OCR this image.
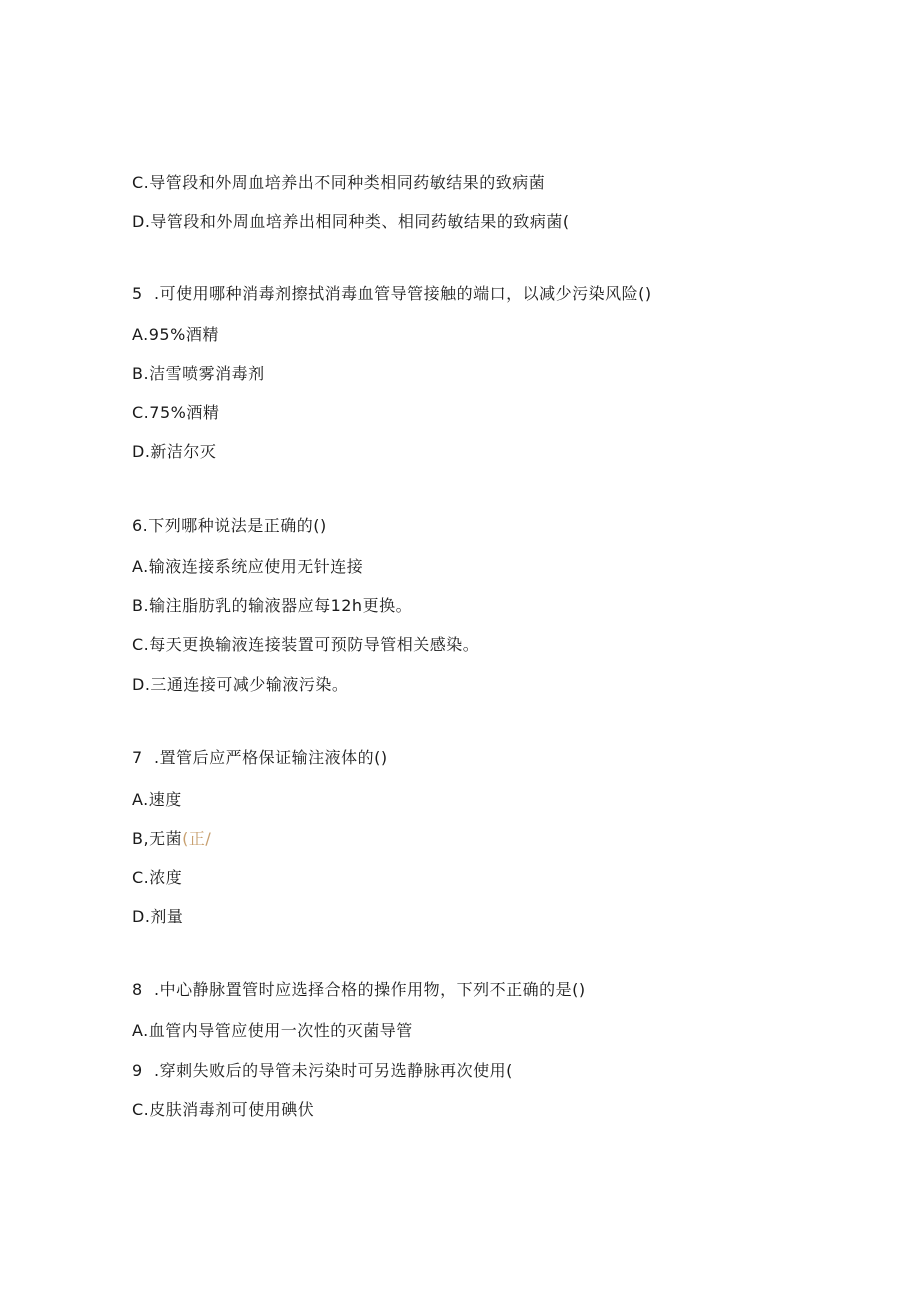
C.导管段和外周血培养出不同种类相同药敏结果的致病菌
D.导管段和外周血培养出相同种类、相同药敏结果的致病菌(
5 .可使用哪种消毒剂擦拭消毒血管导管接触的端口，以减少污染风险()
A.95%酒精
B.洁雪喷雾消毒剂
C.75%酒精
D.新洁尔灭
6.下列哪种说法是正确的()
A.输液连接系统应使用无针连接
B.输注脂肪乳的输液器应每12h更换。
C.每天更换输液连接装置可预防导管相关感染。
D.三通连接可减少输液污染。
7 .置管后应严格保证输注液体的()
A.速度
B,无菌(正/
C.浓度
D.剂量
8 .中心静脉置管时应选择合格的操作用物，下列不正确的是()
A.血管内导管应使用一次性的灭菌导管
9 .穿刺失败后的导管未污染时可另选静脉再次使用(
C.皮肤消毒剂可使用碘伏
